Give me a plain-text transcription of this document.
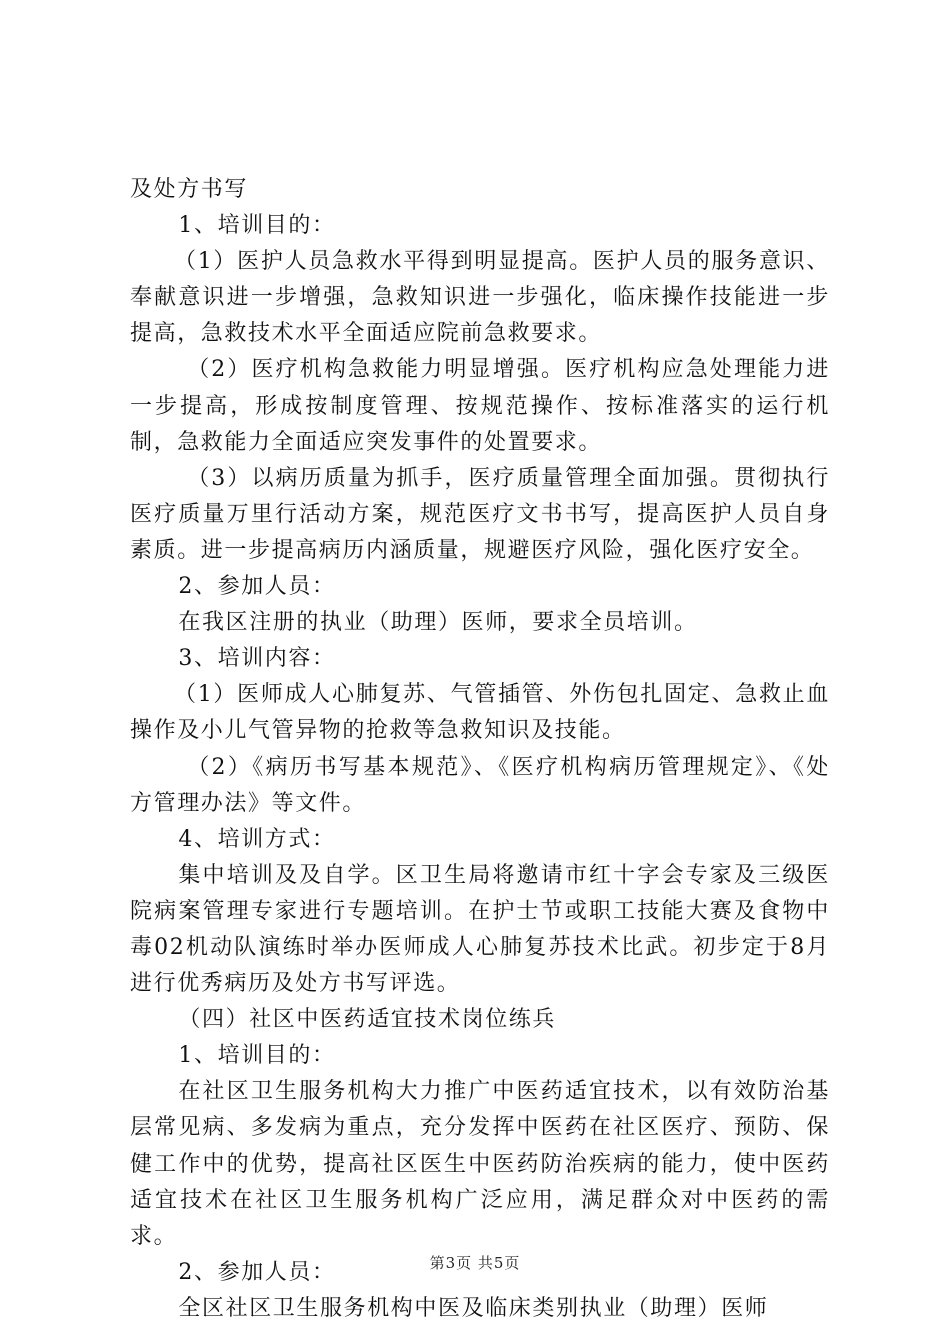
及处方书写

1、培训目的：

（1）医护人员急救水平得到明显提高。医护人员的服务意识、奉献意识进一步增强，急救知识进一步强化，临床操作技能进一步提高，急救技术水平全面适应院前急救要求。

（2）医疗机构急救能力明显增强。医疗机构应急处理能力进一步提高，形成按制度管理、按规范操作、按标准落实的运行机制，急救能力全面适应突发事件的处置要求。

（3）以病历质量为抓手，医疗质量管理全面加强。贯彻执行医疗质量万里行活动方案，规范医疗文书书写，提高医护人员自身素质。进一步提高病历内涵质量，规避医疗风险，强化医疗安全。

2、参加人员：

在我区注册的执业（助理）医师，要求全员培训。

3、培训内容：

（1）医师成人心肺复苏、气管插管、外伤包扎固定、急救止血操作及小儿气管异物的抢救等急救知识及技能。

（2）《病历书写基本规范》、《医疗机构病历管理规定》、《处方管理办法》等文件。

4、培训方式：

集中培训及及自学。区卫生局将邀请市红十字会专家及三级医院病案管理专家进行专题培训。在护士节或职工技能大赛及食物中毒02机动队演练时举办医师成人心肺复苏技术比武。初步定于8月进行优秀病历及处方书写评选。

（四）社区中医药适宜技术岗位练兵

1、培训目的：

在社区卫生服务机构大力推广中医药适宜技术，以有效防治基层常见病、多发病为重点，充分发挥中医药在社区医疗、预防、保健工作中的优势，提高社区医生中医药防治疾病的能力，使中医药适宜技术在社区卫生服务机构广泛应用，满足群众对中医药的需求。

2、参加人员：

全区社区卫生服务机构中医及临床类别执业（助理）医师

第3页 共5页
